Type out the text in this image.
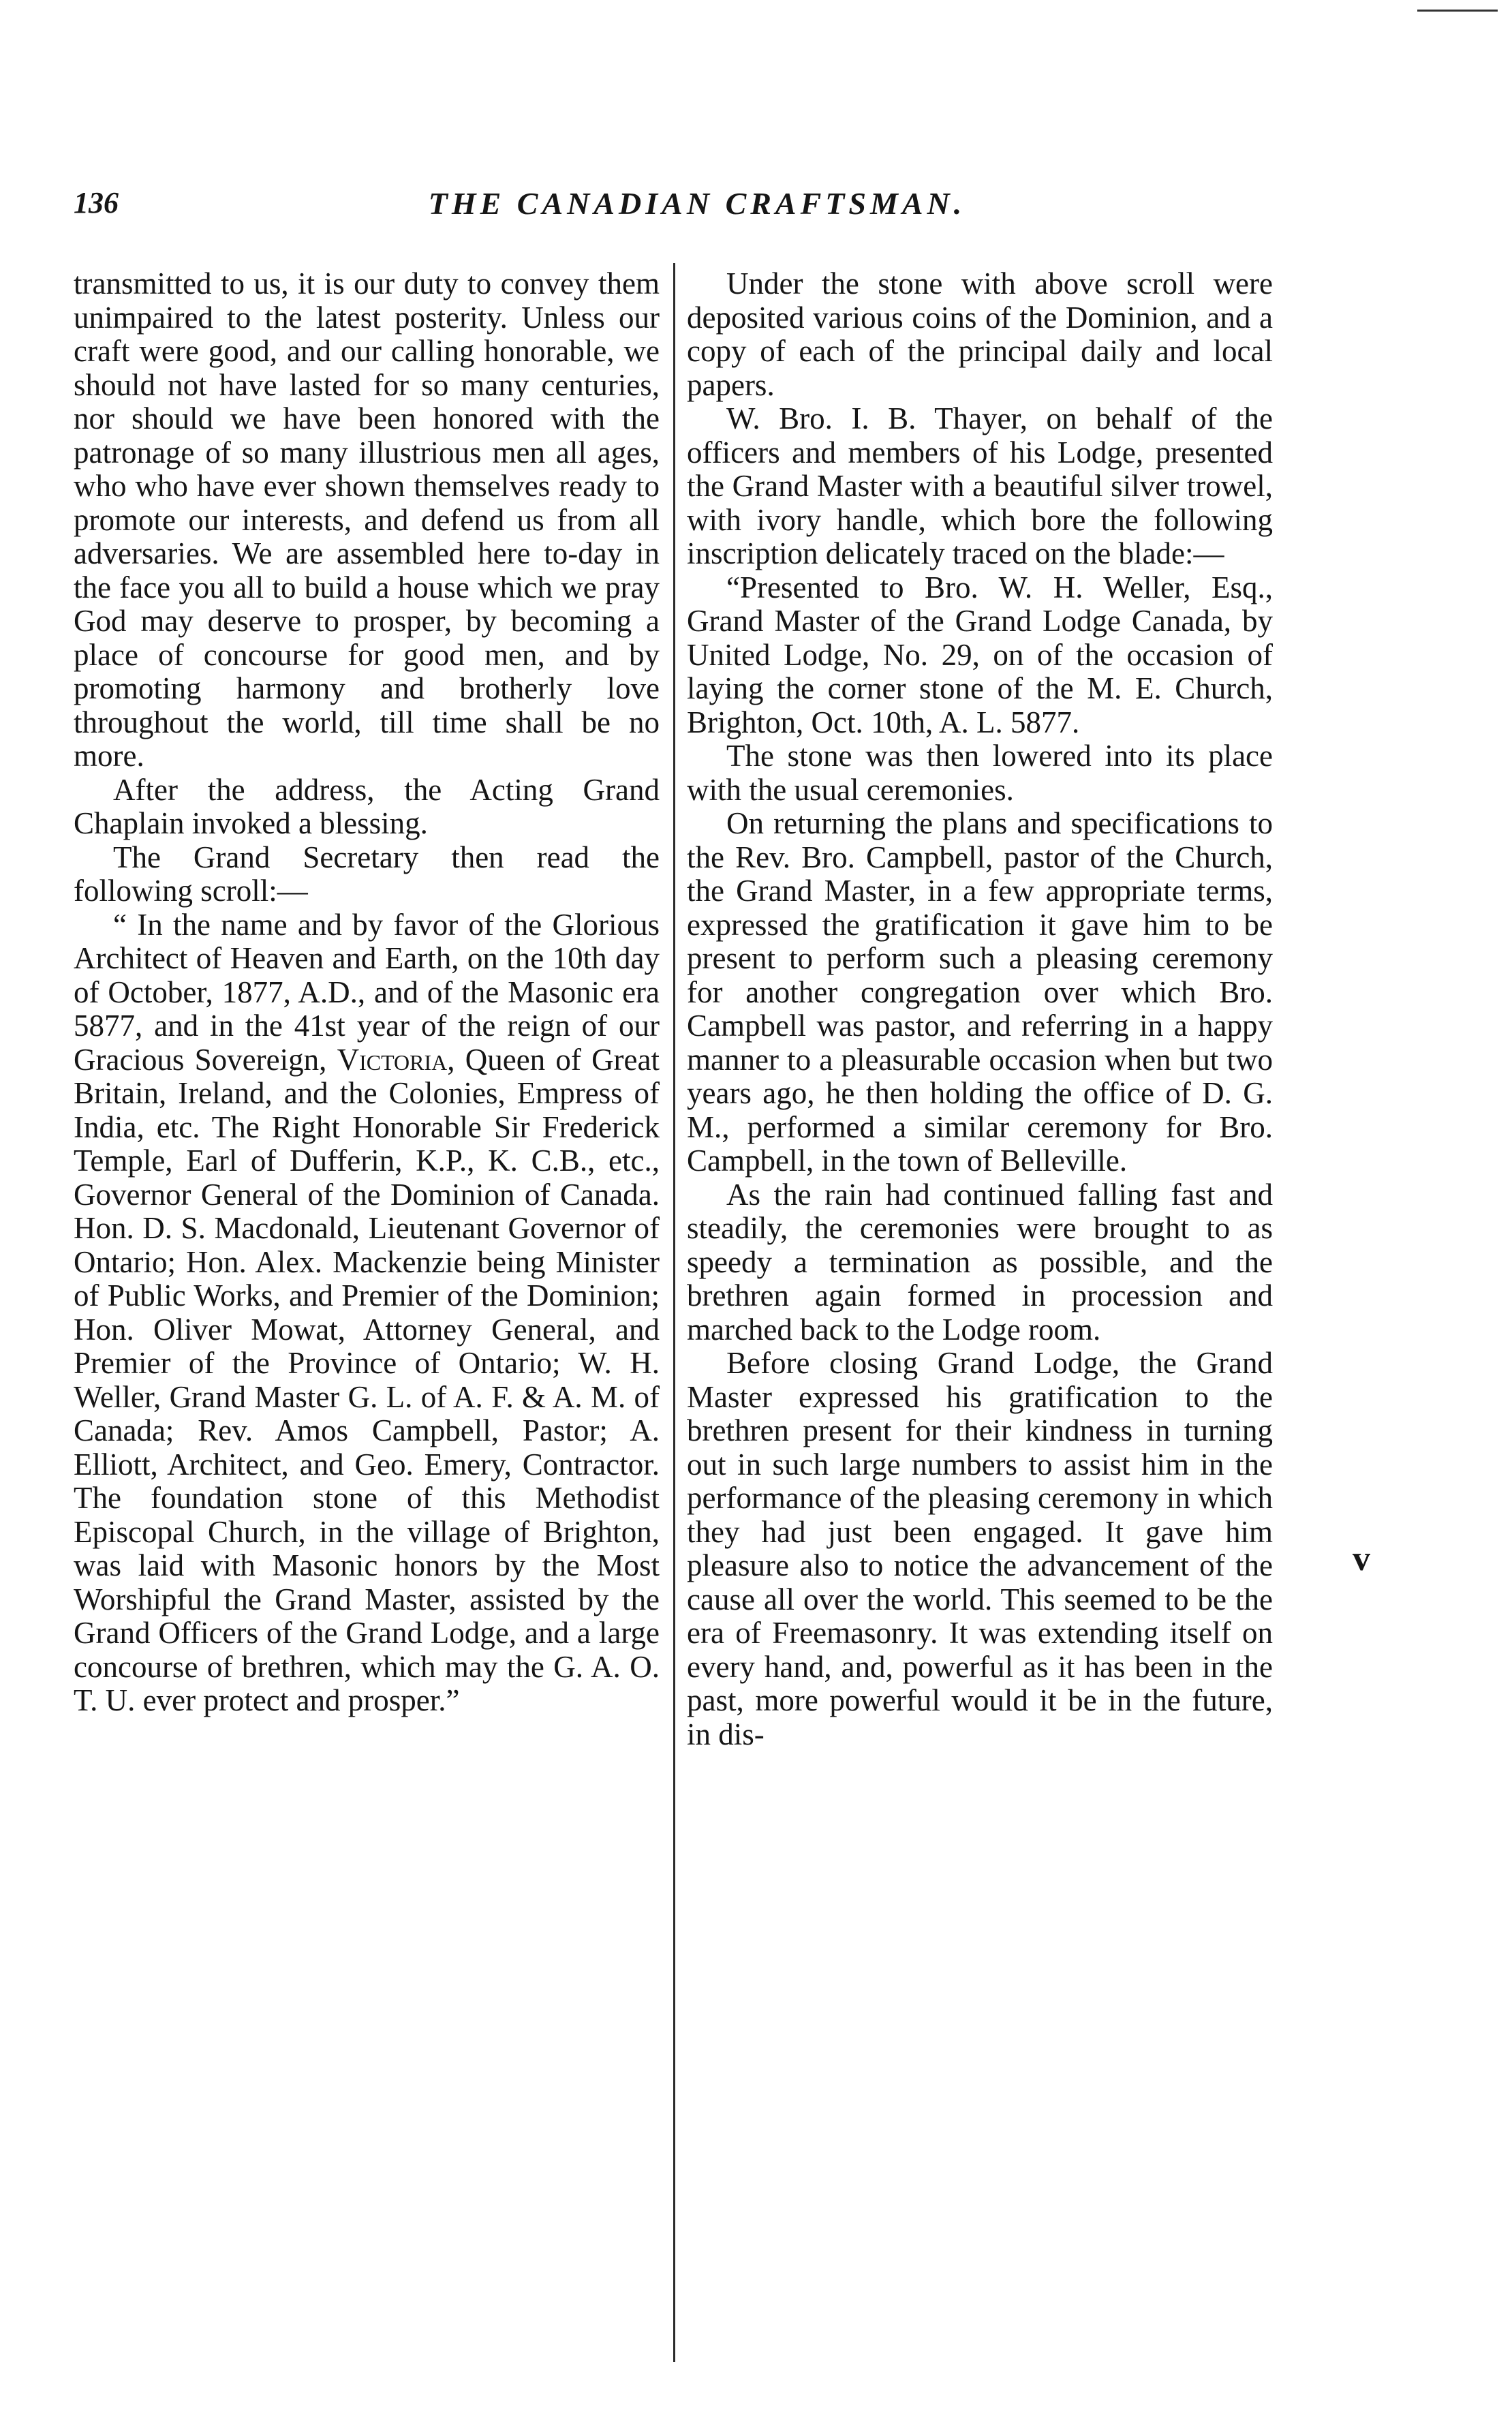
136	THE CANADIAN CRAFTSMAN.

transmitted to us, it is our duty to convey them unimpaired to the latest posterity. Unless our craft were good, and our calling honorable, we should not have lasted for so many centuries, nor should we have been honored with the patronage of so many illustrious men all ages, who who have ever shown themselves ready to promote our interests, and defend us from all adversaries. We are assembled here to-day in the face you all to build a house which we pray God may deserve to prosper, by becoming a place of concourse for good men, and by promoting harmony and brotherly love throughout the world, till time shall be no more.

After the address, the Acting Grand Chaplain invoked a blessing.

The Grand Secretary then read the following scroll:—

“ In the name and by favor of the Glorious Architect of Heaven and Earth, on the 10th day of October, 1877, A.D., and of the Masonic era 5877, and in the 41st year of the reign of our Gracious Sovereign, Victoria, Queen of Great Britain, Ireland, and the Colonies, Empress of India, etc. The Right Honorable Sir Frederick Temple, Earl of Dufferin, K.P., K. C.B., etc., Governor General of the Dominion of Canada. Hon. D. S. Macdonald, Lieutenant Governor of Ontario; Hon. Alex. Mackenzie being Minister of Public Works, and Premier of the Dominion; Hon. Oliver Mowat, Attorney General, and Premier of the Province of Ontario; W. H. Weller, Grand Master G. L. of A. F. & A. M. of Canada; Rev. Amos Campbell, Pastor; A. Elliott, Architect, and Geo. Emery, Contractor. The foundation stone of this Methodist Episcopal Church, in the village of Brighton, was laid with Masonic honors by the Most Worshipful the Grand Master, assisted by the Grand Officers of the Grand Lodge, and a large concourse of brethren, which may the G. A. O. T. U. ever protect and prosper.”

Under the stone with above scroll were deposited various coins of the Dominion, and a copy of each of the principal daily and local papers.

W. Bro. I. B. Thayer, on behalf of the officers and members of his Lodge, presented the Grand Master with a beautiful silver trowel, with ivory handle, which bore the following inscription delicately traced on the blade:—

“Presented to Bro. W. H. Weller, Esq., Grand Master of the Grand Lodge Canada, by United Lodge, No. 29, on of the occasion of laying the corner stone of the M. E. Church, Brighton, Oct. 10th, A. L. 5877.

The stone was then lowered into its place with the usual ceremonies.

On returning the plans and specifications to the Rev. Bro. Campbell, pastor of the Church, the Grand Master, in a few appropriate terms, expressed the gratification it gave him to be present to perform such a pleasing ceremony for another congregation over which Bro. Campbell was pastor, and referring in a happy manner to a pleasurable occasion when but two years ago, he then holding the office of D. G. M., performed a similar ceremony for Bro. Campbell, in the town of Belleville.

As the rain had continued falling fast and steadily, the ceremonies were brought to as speedy a termination as possible, and the brethren again formed in procession and marched back to the Lodge room.

Before closing Grand Lodge, the Grand Master expressed his gratification to the brethren present for their kindness in turning out in such large numbers to assist him in the performance of the pleasing ceremony in which they had just been engaged. It gave him pleasure also to notice the advancement of the cause all over the world. This seemed to be the era of Freemasonry. It was extending itself on every hand, and, powerful as it has been in the past, more powerful would it be in the future, in dis-

v
